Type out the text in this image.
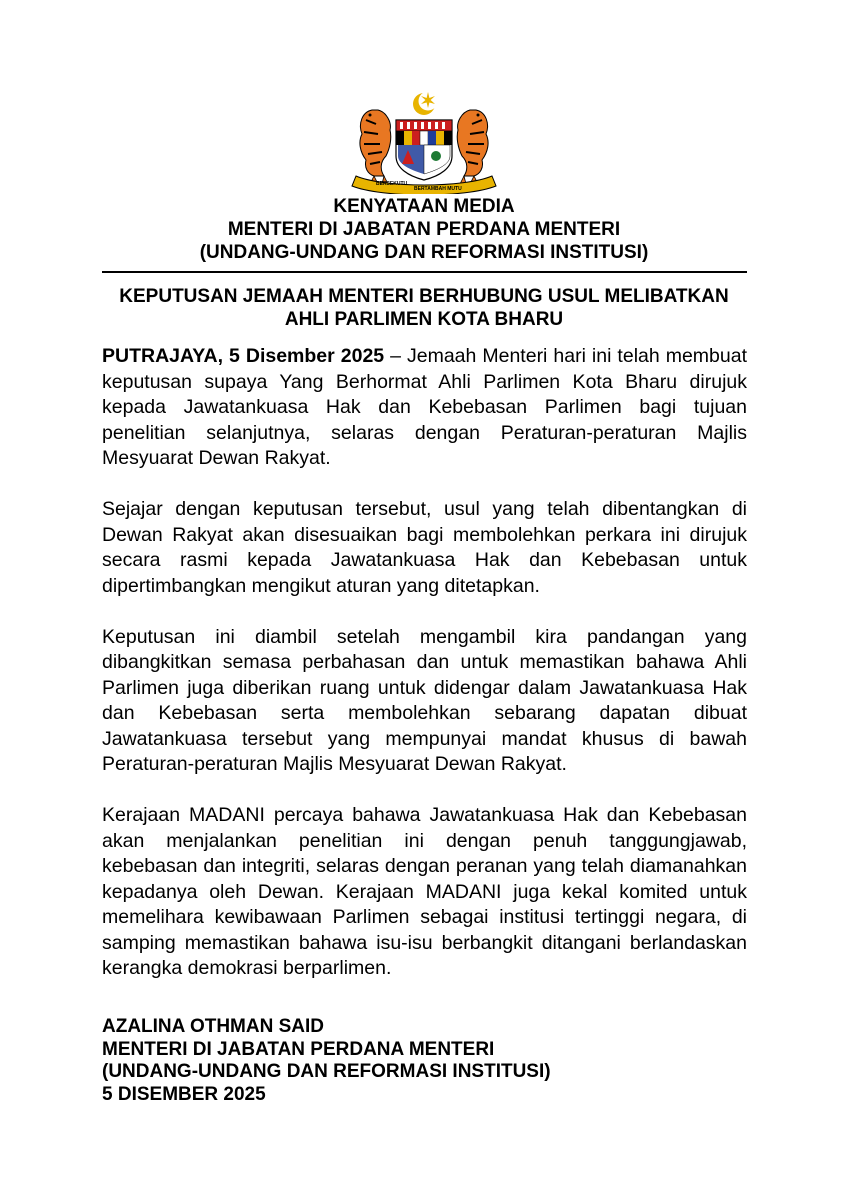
BERSEKUTU
BERTAMBAH MUTU
KENYATAAN MEDIA
MENTERI DI JABATAN PERDANA MENTERI
(UNDANG-UNDANG DAN REFORMASI INSTITUSI)
KEPUTUSAN JEMAAH MENTERI BERHUBUNG USUL MELIBATKAN
AHLI PARLIMEN KOTA BHARU

PUTRAJAYA, 5 Disember 2025 – Jemaah Menteri hari ini telah membuat keputusan supaya Yang Berhormat Ahli Parlimen Kota Bharu dirujuk kepada Jawatankuasa Hak dan Kebebasan Parlimen bagi tujuan penelitian selanjutnya, selaras dengan Peraturan-peraturan Majlis Mesyuarat Dewan Rakyat.

Sejajar dengan keputusan tersebut, usul yang telah dibentangkan di Dewan Rakyat akan disesuaikan bagi membolehkan perkara ini dirujuk secara rasmi kepada Jawatankuasa Hak dan Kebebasan untuk dipertimbangkan mengikut aturan yang ditetapkan.

Keputusan ini diambil setelah mengambil kira pandangan yang dibangkitkan semasa perbahasan dan untuk memastikan bahawa Ahli Parlimen juga diberikan ruang untuk didengar dalam Jawatankuasa Hak dan Kebebasan serta membolehkan sebarang dapatan dibuat Jawatankuasa tersebut yang mempunyai mandat khusus di bawah Peraturan-peraturan Majlis Mesyuarat Dewan Rakyat.

Kerajaan MADANI percaya bahawa Jawatankuasa Hak dan Kebebasan akan menjalankan penelitian ini dengan penuh tanggungjawab, kebebasan dan integriti, selaras dengan peranan yang telah diamanahkan kepadanya oleh Dewan. Kerajaan MADANI juga kekal komited untuk memelihara kewibawaan Parlimen sebagai institusi tertinggi negara, di samping memastikan bahawa isu-isu berbangkit ditangani berlandaskan kerangka demokrasi berparlimen.

AZALINA OTHMAN SAID
MENTERI DI JABATAN PERDANA MENTERI
(UNDANG-UNDANG DAN REFORMASI INSTITUSI)
5 DISEMBER 2025
